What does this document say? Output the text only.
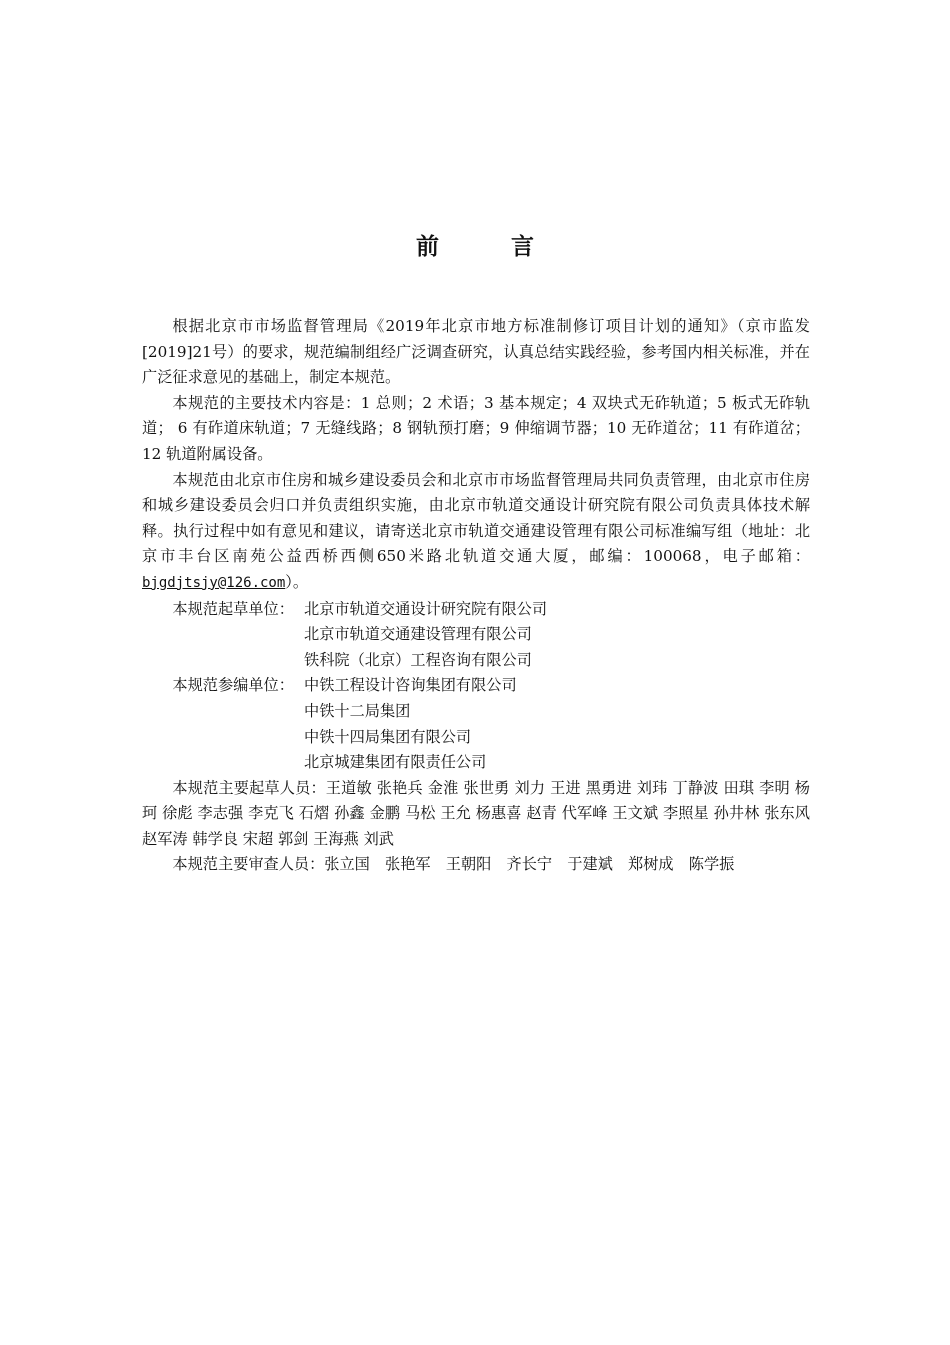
前 言

根据北京市市场监督管理局《2019年北京市地方标准制修订项目计划的通知》（京市监发[2019]21号）的要求，规范编制组经广泛调查研究，认真总结实践经验，参考国内相关标准，并在广泛征求意见的基础上，制定本规范。

本规范的主要技术内容是：1 总则；2 术语；3 基本规定；4 双块式无砟轨道；5 板式无砟轨道； 6 有砟道床轨道；7 无缝线路；8 钢轨预打磨；9 伸缩调节器；10 无砟道岔；11 有砟道岔； 12 轨道附属设备。

本规范由北京市住房和城乡建设委员会和北京市市场监督管理局共同负责管理，由北京市住房和城乡建设委员会归口并负责组织实施，由北京市轨道交通设计研究院有限公司负责具体技术解释。执行过程中如有意见和建议，请寄送北京市轨道交通建设管理有限公司标准编写组（地址：北京市丰台区南苑公益西桥西侧650米路北轨道交通大厦，邮编：100068，电子邮箱：bjgdjtsjy@126.com）。

本规范起草单位： 北京市轨道交通设计研究院有限公司
北京市轨道交通建设管理有限公司
铁科院（北京）工程咨询有限公司
本规范参编单位： 中铁工程设计咨询集团有限公司
中铁十二局集团
中铁十四局集团有限公司
北京城建集团有限责任公司

本规范主要起草人员：王道敏 张艳兵 金淮 张世勇 刘力 王进 黑勇进 刘玮 丁静波 田琪 李明 杨珂 徐彪 李志强 李克飞 石熠 孙鑫 金鹏 马松 王允 杨惠喜 赵青 代军峰 王文斌 李照星 孙井林 张东风 赵军涛 韩学良 宋超 郭剑 王海燕 刘武

本规范主要审查人员：张立国　张艳军　王朝阳　齐长宁　于建斌　郑树成　陈学振
